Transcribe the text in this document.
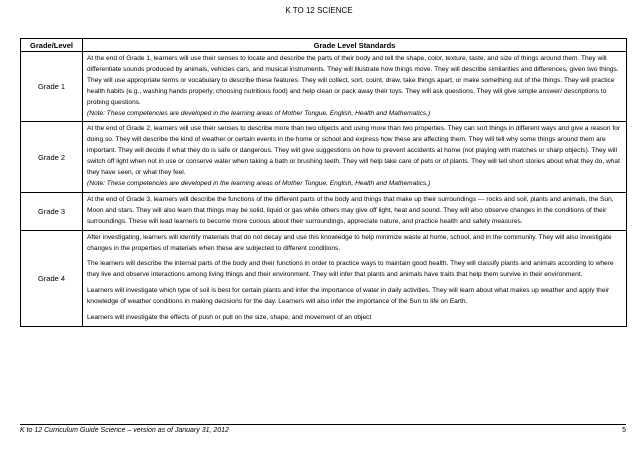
K TO 12 SCIENCE
Grade/Level	Grade Level Standards
Grade 1	At the end of Grade 1, learners will use their senses to locate and describe the parts of their body and tell the shape, color, texture, taste, and size of things around them. They will differentiate sounds produced by animals, vehicles cars, and musical instruments. They will illustrate how things move. They will describe similarities and differences, given two things. They will use appropriate terms or vocabulary to describe these features. They will collect, sort, count, draw, take things apart, or make something out of the things. They will practice health habits (e.g., washing hands properly, choosing nutritious food) and help clean or pack away their toys. They will ask questions. They will give simple answer/ descriptions to probing questions.
(Note: These competencies are developed in the learning areas of Mother Tongue, English, Health and Mathematics.)

Grade 2	At the end of Grade 2, learners will use their senses to describe more than two objects and using more than two properties. They can sort things in different ways and give a reason for doing so. They will describe the kind of weather or certain events in the home or school and express how these are affecting them. They will tell why some things around them are important. They will decide if what they do is safe or dangerous. They will give suggestions on how to prevent accidents at home (not playing with matches or sharp objects). They will switch off light when not in use or conserve water when taking a bath or brushing teeth. They will help take care of pets or of plants. They will tell short stories about what they do, what they have seen, or what they feel.
(Note: These competencies are developed in the learning areas of Mother Tongue, English, Health and Mathematics.)

Grade 3	At the end of Grade 3, learners will describe the functions of the different parts of the body and things that make up their surroundings --- rocks and soil, plants and animals, the Sun, Moon and stars. They will also learn that things may be solid, liquid or gas while others may give off light, heat and sound. They will also observe changes in the conditions of their surroundings. These will lead learners to become more curious about their surroundings, appreciate nature, and practice health and safety measures.

Grade 4	After investigating, learners will identify materials that do not decay and use this knowledge to help minimize waste at home, school, and in the community. They will also investigate changes in the properties of materials when these are subjected to different conditions.
The learners will describe the internal parts of the body and their functions in order to practice ways to maintain good health. They will classify plants and animals according to where they live and observe interactions among living things and their environment. They will infer that plants and animals have traits that help them survive in their environment.
Learners will investigate which type of soil is best for certain plants and infer the importance of water in daily activities. They will learn about what makes up weather and apply their knowledge of weather conditions in making decisions for the day. Learners will also infer the importance of the Sun to life on Earth.
Learners will investigate the effects of push or pull on the size, shape, and movement of an object
K to 12 Curriculum Guide Science – version as of January 31, 2012	5
